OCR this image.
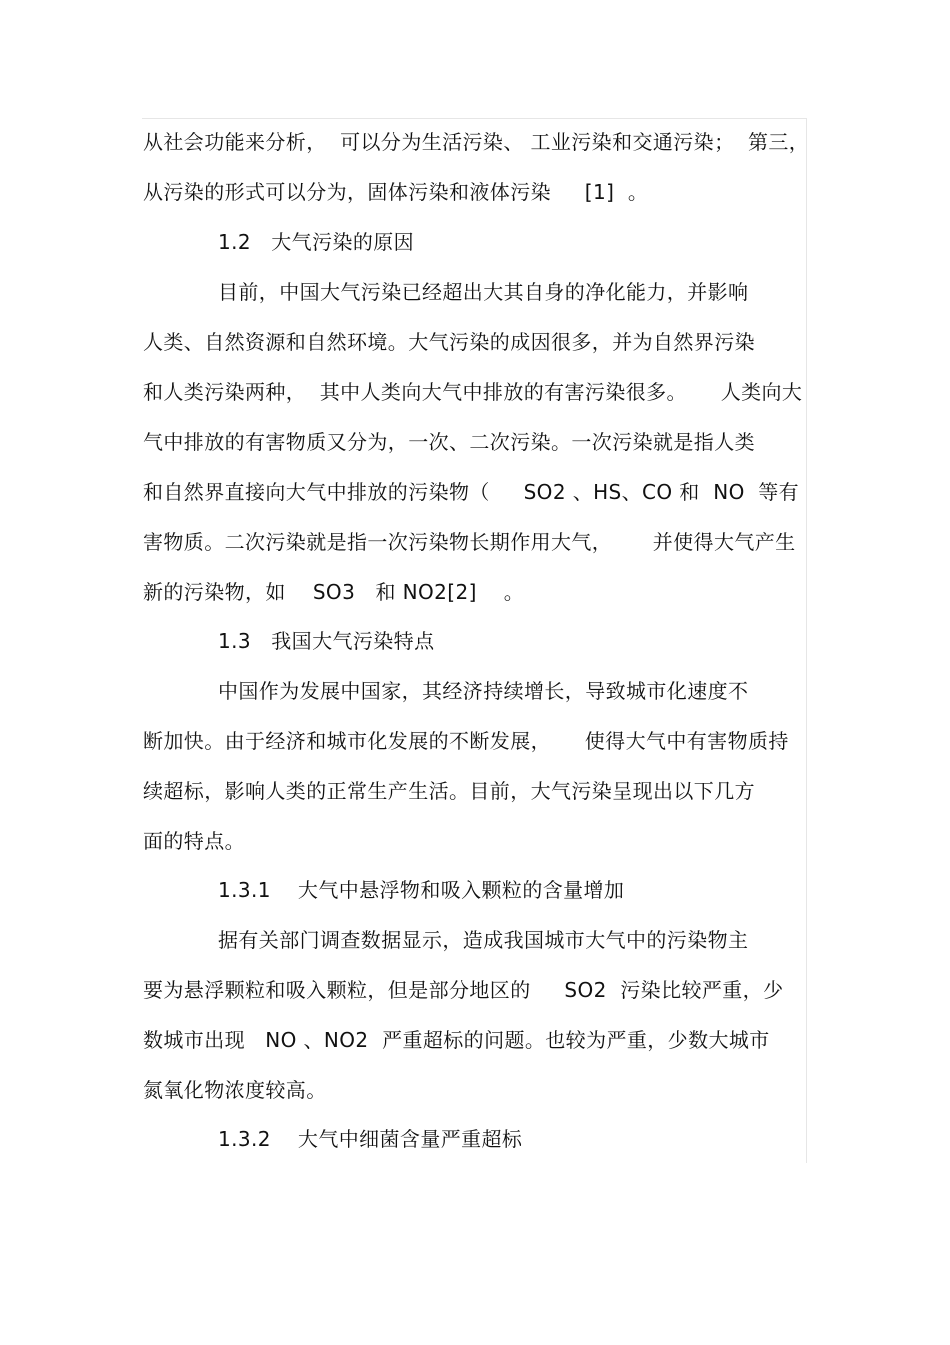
从社会功能来分析，  可以分为生活污染、 工业污染和交通污染；  第三，
从污染的形式可以分为，固体污染和液体污染     [1]  。
1.2   大气污染的原因
目前，中国大气污染已经超出大其自身的净化能力，并影响
人类、自然资源和自然环境。大气污染的成因很多，并为自然界污染
和人类污染两种，  其中人类向大气中排放的有害污染很多。     人类向大
气中排放的有害物质又分为，一次、二次污染。一次污染就是指人类
和自然界直接向大气中排放的污染物（     SO2 、HS、CO 和  NO  等有
害物质。二次污染就是指一次污染物长期作用大气，      并使得大气产生
新的污染物，如    SO3   和 NO2[2]    。
1.3   我国大气污染特点
中国作为发展中国家，其经济持续增长，导致城市化速度不
断加快。由于经济和城市化发展的不断发展，     使得大气中有害物质持
续超标，影响人类的正常生产生活。目前，大气污染呈现出以下几方
面的特点。
1.3.1    大气中悬浮物和吸入颗粒的含量增加
据有关部门调查数据显示，造成我国城市大气中的污染物主
要为悬浮颗粒和吸入颗粒，但是部分地区的     SO2  污染比较严重，少
数城市出现   NO 、NO2  严重超标的问题。也较为严重，少数大城市
氮氧化物浓度较高。
1.3.2    大气中细菌含量严重超标
